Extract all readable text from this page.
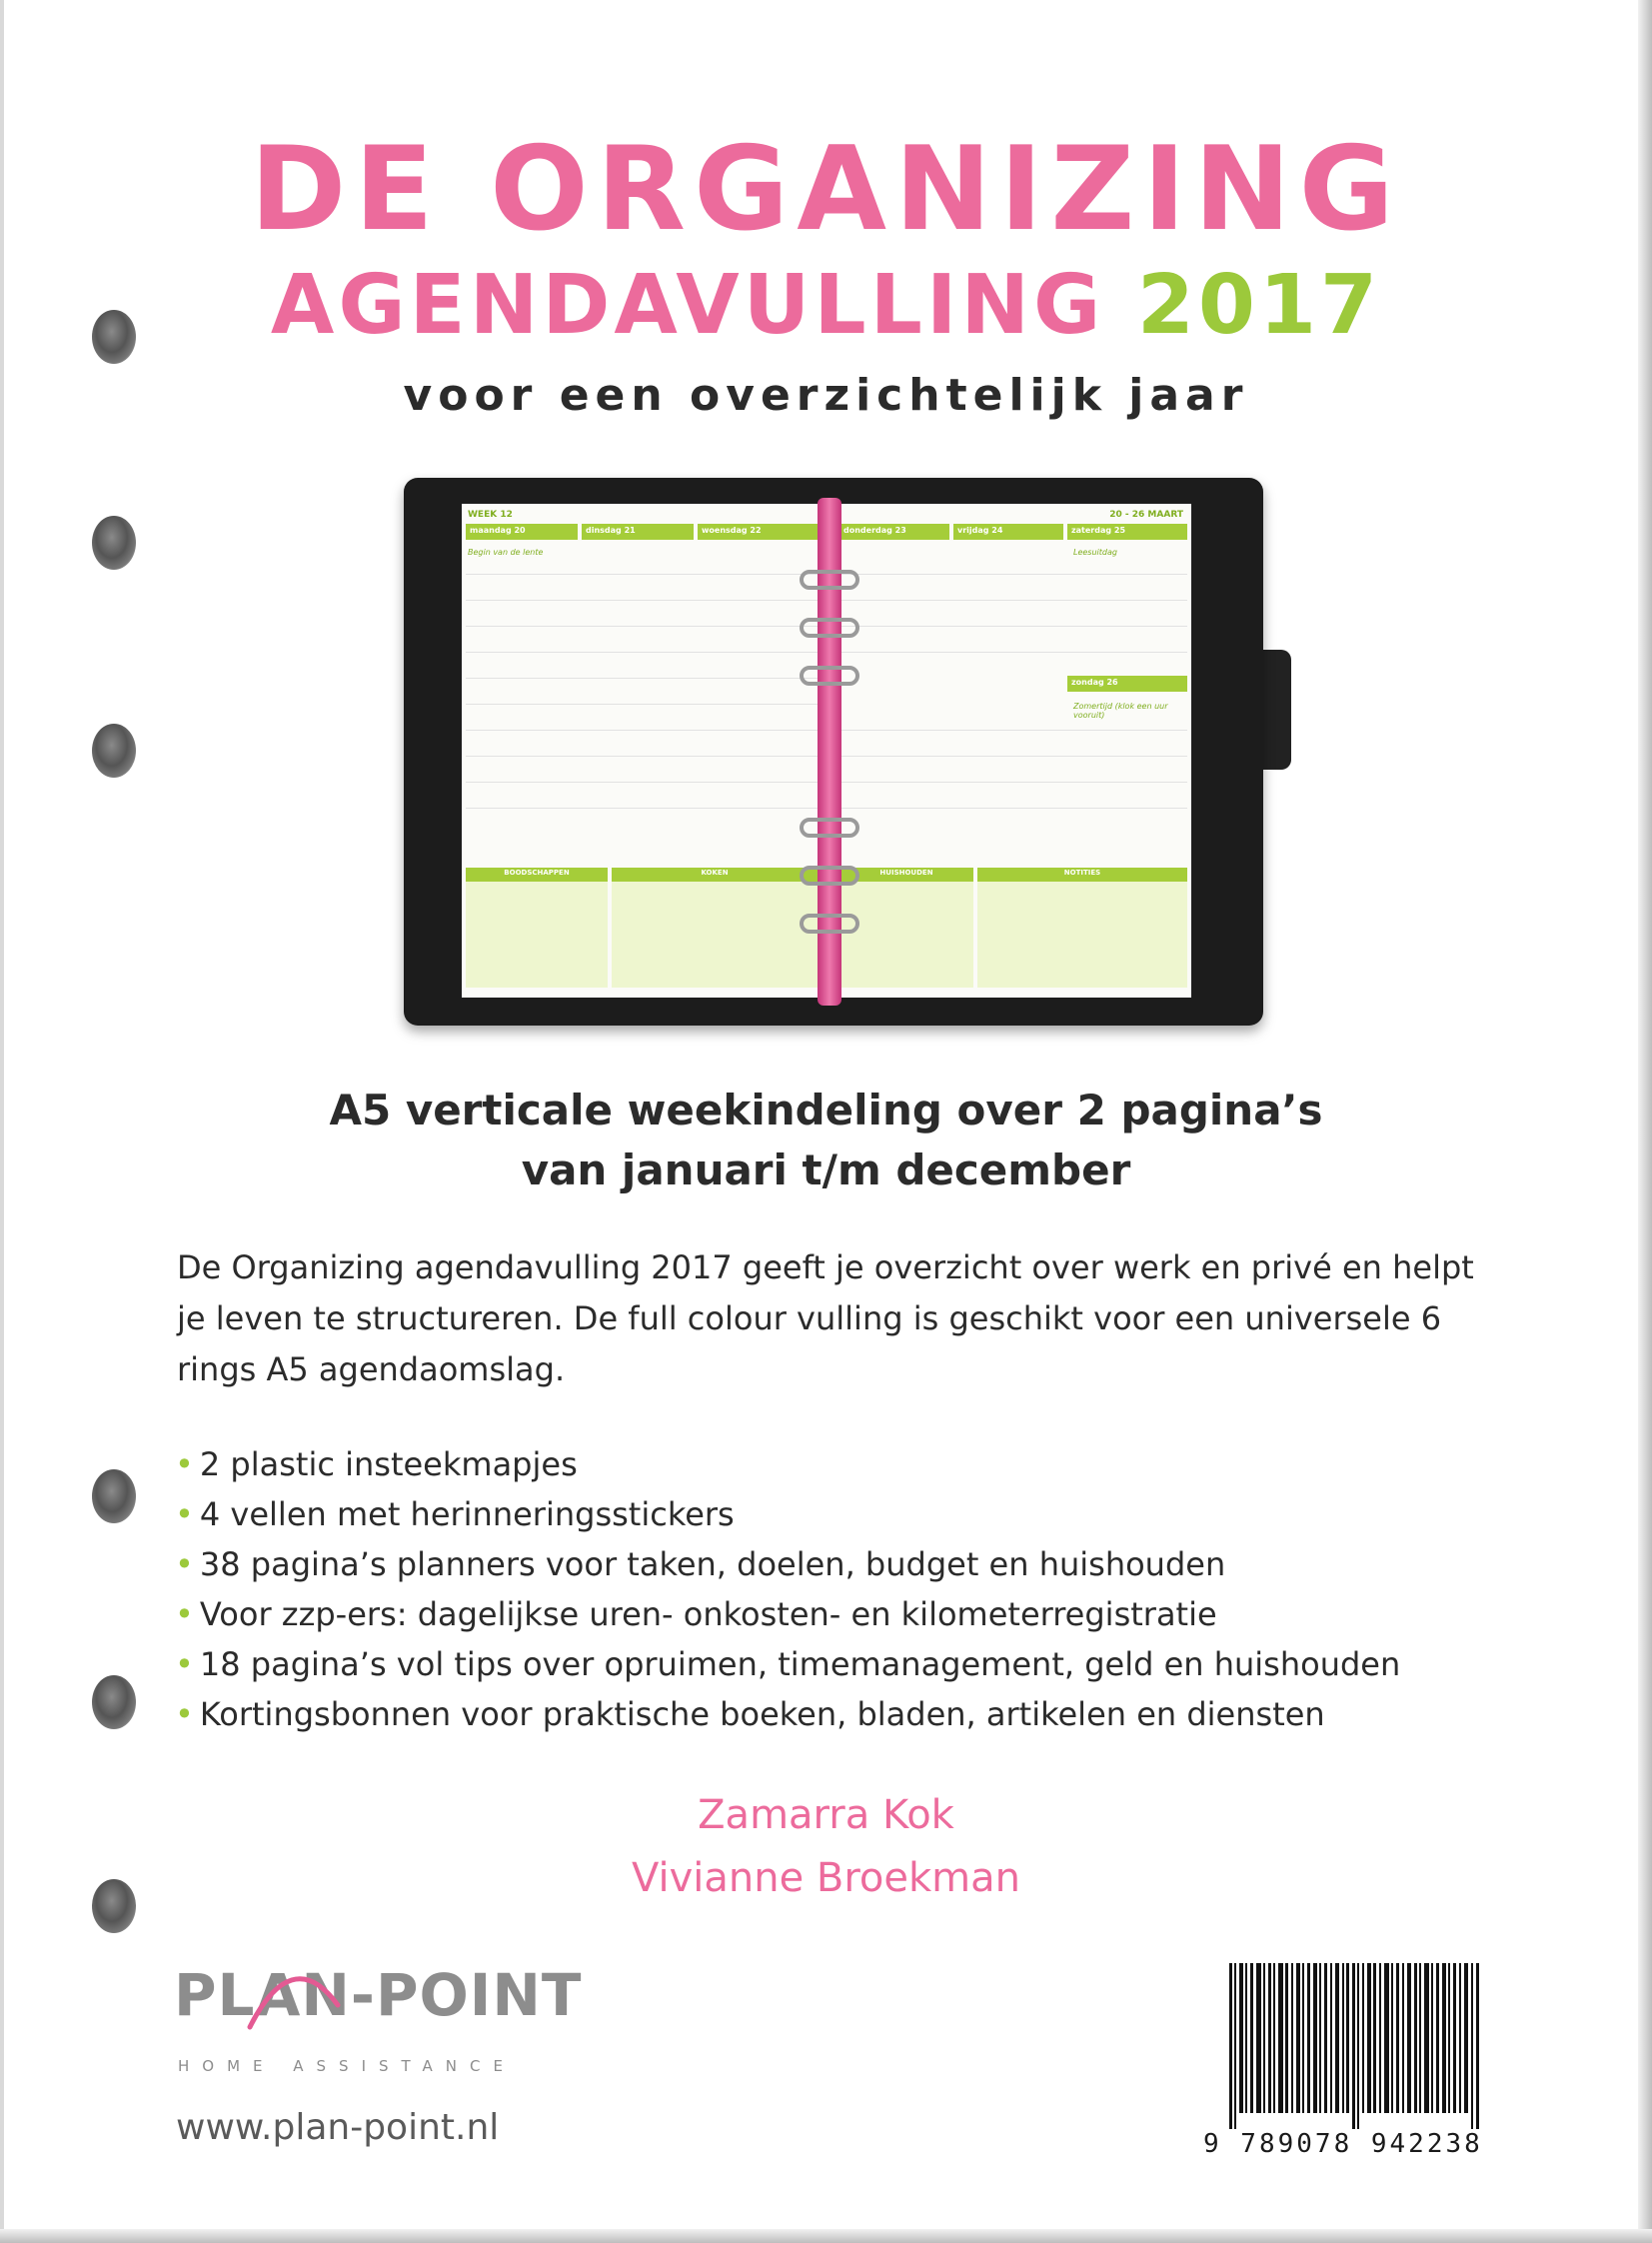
DE ORGANIZING
AGENDAVULLING 2017
voor een overzichtelijk jaar
WEEK 12
maandag 20	dinsdag 21	woensdag 22
Begin van de lente
BOODSCHAPPEN	KOKEN
20 - 26 MAART
donderdag 23	vrijdag 24	zaterdag 25
Leesuitdag
zondag 26
Zomertijd (klok een uur vooruit)
HUISHOUDEN	NOTITIES
A5 verticale weekindeling over 2 pagina’s
van januari t/m december

De Organizing agendavulling 2017 geeft je overzicht over werk en privé en helpt je leven te structureren. De full colour vulling is geschikt voor een universele 6 rings A5 agendaomslag.

• 2 plastic insteekmapjes
• 4 vellen met herinneringsstickers
• 38 pagina’s planners voor taken, doelen, budget en huishouden
• Voor zzp-ers: dagelijkse uren- onkosten- en kilometerregistratie
• 18 pagina’s vol tips over opruimen, timemanagement, geld en huishouden
• Kortingsbonnen voor praktische boeken, bladen, artikelen en diensten
Zamarra Kok
Vivianne Broekman
PLAN-POINT
HOME ASSISTANCE
www.plan-point.nl	9 789078 942238
